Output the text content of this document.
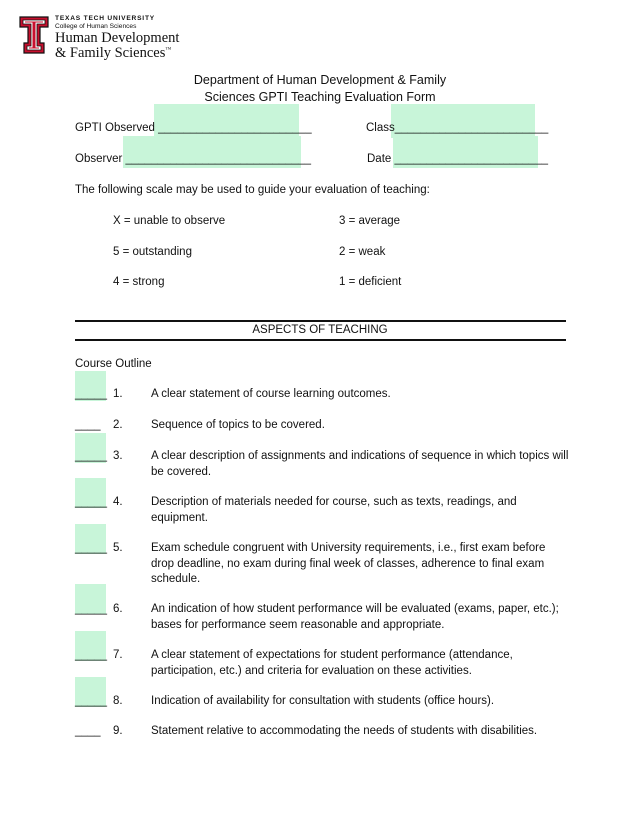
TEXAS TECH UNIVERSITY
College of Human Sciences
Human Development
& Family Sciences™
Department of Human Development & Family
Sciences GPTI Teaching Evaluation Form
GPTI Observed ________________________	Class________________________
Observer _____________________________	Date ________________________
The following scale may be used to guide your evaluation of teaching:
X = unable to observe	3 = average
5 = outstanding	2 = weak
4 = strong	1 = deficient
ASPECTS OF TEACHING
Course Outline
_____ 1. A clear statement of course learning outcomes.
____ 2. Sequence of topics to be covered.
_____ 3. A clear description of assignments and indications of sequence in which topics will be covered.
_____ 4. Description of materials needed for course, such as texts, readings, and equipment.
_____ 5. Exam schedule congruent with University requirements, i.e., first exam before drop deadline, no exam during final week of classes, adherence to final exam schedule.
_____ 6. An indication of how student performance will be evaluated (exams, paper, etc.); bases for performance seem reasonable and appropriate.
_____ 7. A clear statement of expectations for student performance (attendance, participation, etc.) and criteria for evaluation on these activities.
_____ 8. Indication of availability for consultation with students (office hours).
____ 9. Statement relative to accommodating the needs of students with disabilities.
